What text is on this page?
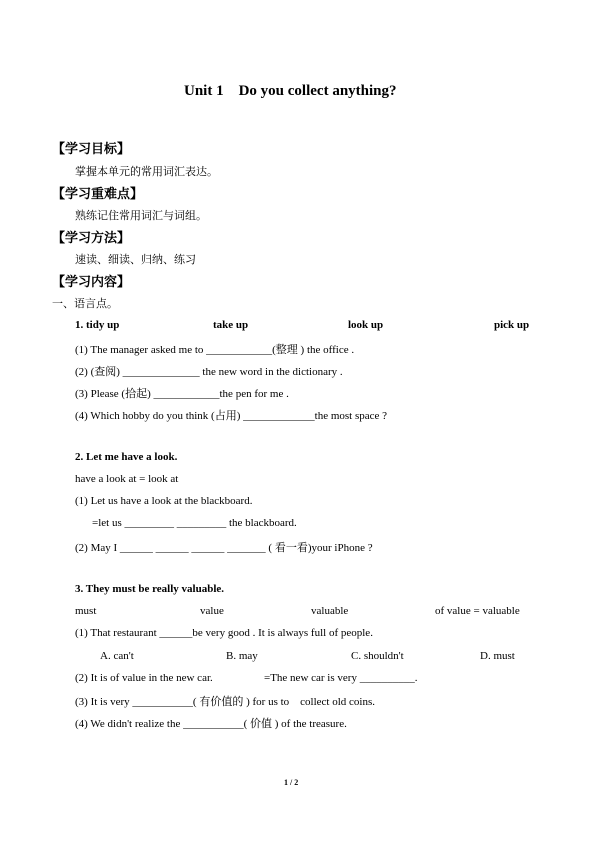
Unit 1　Do you collect anything?
【学习目标】
掌握本单元的常用词汇表达。
【学习重难点】
熟练记住常用词汇与词组。
【学习方法】
速读、细读、归纳、练习
【学习内容】
一、语言点。
1. tidy up	take up	look up	pick up
(1) The manager asked me to ____________(整理 ) the office .
(2) (查阅) ______________ the new word in the dictionary .
(3) Please (拾起) ____________the pen for me .
(4) Which hobby do you think (占用) _____________the most space ?
2. Let me have a look.
have a look at = look at
(1) Let us have a look at the blackboard.
=let us _________ _________ the blackboard.
(2) May I ______ ______ ______ _______ ( 看一看)your iPhone ?
3. They must be really valuable.
must	value	valuable	of value = valuable
(1) That restaurant ______be very good . It is always full of people.
A. can't	B. may	C. shouldn't	D. must
(2) It is of value in the new car.	=The new car is very __________.
(3) It is very ___________( 有价值的 ) for us to　collect old coins.
(4) We didn't realize the ___________( 价值 ) of the treasure.
1 / 2
